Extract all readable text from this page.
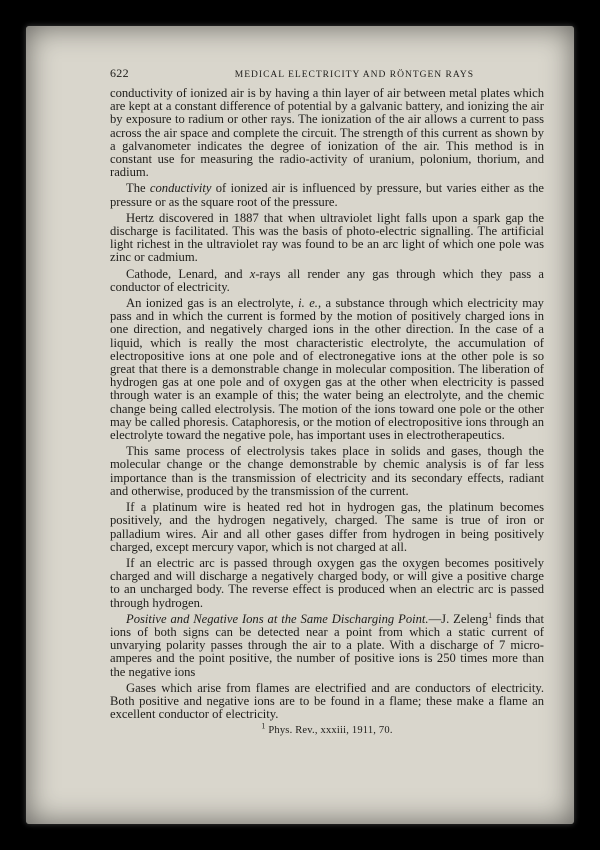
622	MEDICAL ELECTRICITY AND RÖNTGEN RAYS

conductivity of ionized air is by having a thin layer of air between metal plates which are kept at a constant difference of potential by a galvanic battery, and ionizing the air by exposure to radium or other rays. The ionization of the air allows a current to pass across the air space and complete the circuit. The strength of this current as shown by a galvanometer indicates the degree of ionization of the air. This method is in constant use for measuring the radio-activity of uranium, polonium, thorium, and radium.

The conductivity of ionized air is influenced by pressure, but varies either as the pressure or as the square root of the pressure.

Hertz discovered in 1887 that when ultraviolet light falls upon a spark gap the discharge is facilitated. This was the basis of photo-electric signalling. The artificial light richest in the ultraviolet ray was found to be an arc light of which one pole was zinc or cadmium.

Cathode, Lenard, and x-rays all render any gas through which they pass a conductor of electricity.

An ionized gas is an electrolyte, i. e., a substance through which electricity may pass and in which the current is formed by the motion of positively charged ions in one direction, and negatively charged ions in the other direction. In the case of a liquid, which is really the most characteristic electrolyte, the accumulation of electropositive ions at one pole and of electronegative ions at the other pole is so great that there is a demonstrable change in molecular composition. The liberation of hydrogen gas at one pole and of oxygen gas at the other when electricity is passed through water is an example of this; the water being an electrolyte, and the chemic change being called electrolysis. The motion of the ions toward one pole or the other may be called phoresis. Cataphoresis, or the motion of electropositive ions through an electrolyte toward the negative pole, has important uses in electrotherapeutics.

This same process of electrolysis takes place in solids and gases, though the molecular change or the change demonstrable by chemic analysis is of far less importance than is the transmission of electricity and its secondary effects, radiant and otherwise, produced by the transmission of the current.

If a platinum wire is heated red hot in hydrogen gas, the platinum becomes positively, and the hydrogen negatively, charged. The same is true of iron or palladium wires. Air and all other gases differ from hydrogen in being positively charged, except mercury vapor, which is not charged at all.

If an electric arc is passed through oxygen gas the oxygen becomes positively charged and will discharge a negatively charged body, or will give a positive charge to an uncharged body. The reverse effect is produced when an electric arc is passed through hydrogen.

Positive and Negative Ions at the Same Discharging Point.—J. Zeleng$^1$ finds that ions of both signs can be detected near a point from which a static current of unvarying polarity passes through the air to a plate. With a discharge of 7 micro-amperes and the point positive, the number of positive ions is 250 times more than the negative ions

Gases which arise from flames are electrified and are conductors of electricity. Both positive and negative ions are to be found in a flame; these make a flame an excellent conductor of electricity.

$^1$ Phys. Rev., xxxiii, 1911, 70.
